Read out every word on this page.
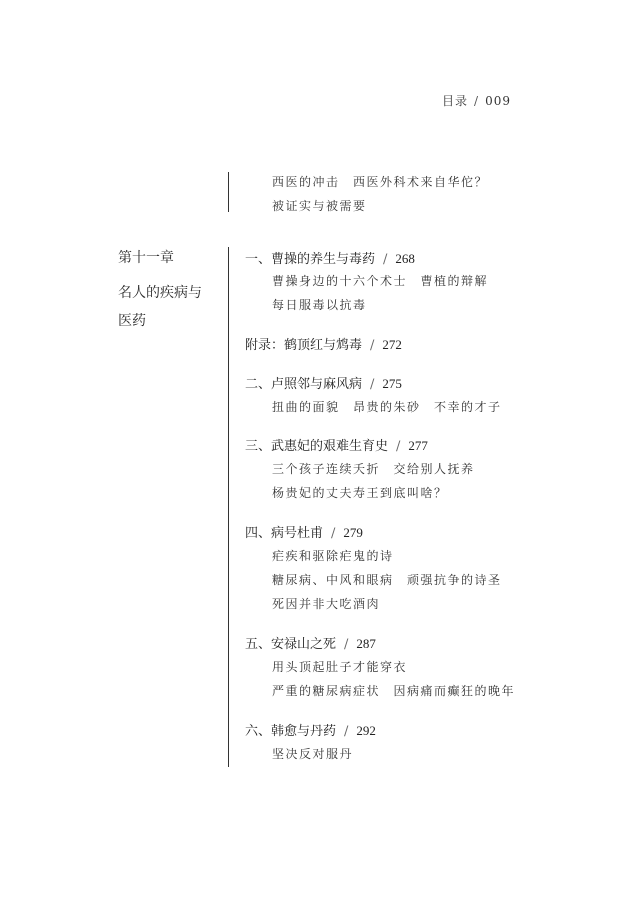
目录 / 009
西医的冲击　西医外科术来自华佗？
被证实与被需要
第十一章
名人的疾病与
医药
一、曹操的养生与毒药 / 268
曹操身边的十六个术士　曹植的辩解
每日服毒以抗毒
附录：鹤顶红与鸩毒 / 272
二、卢照邻与麻风病 / 275
扭曲的面貌　昂贵的朱砂　不幸的才子
三、武惠妃的艰难生育史 / 277
三个孩子连续夭折　交给别人抚养
杨贵妃的丈夫寿王到底叫啥？
四、病号杜甫 / 279
疟疾和驱除疟鬼的诗
糖尿病、中风和眼病　顽强抗争的诗圣
死因并非大吃酒肉
五、安禄山之死 / 287
用头顶起肚子才能穿衣
严重的糖尿病症状　因病痛而癫狂的晚年
六、韩愈与丹药 / 292
坚决反对服丹
